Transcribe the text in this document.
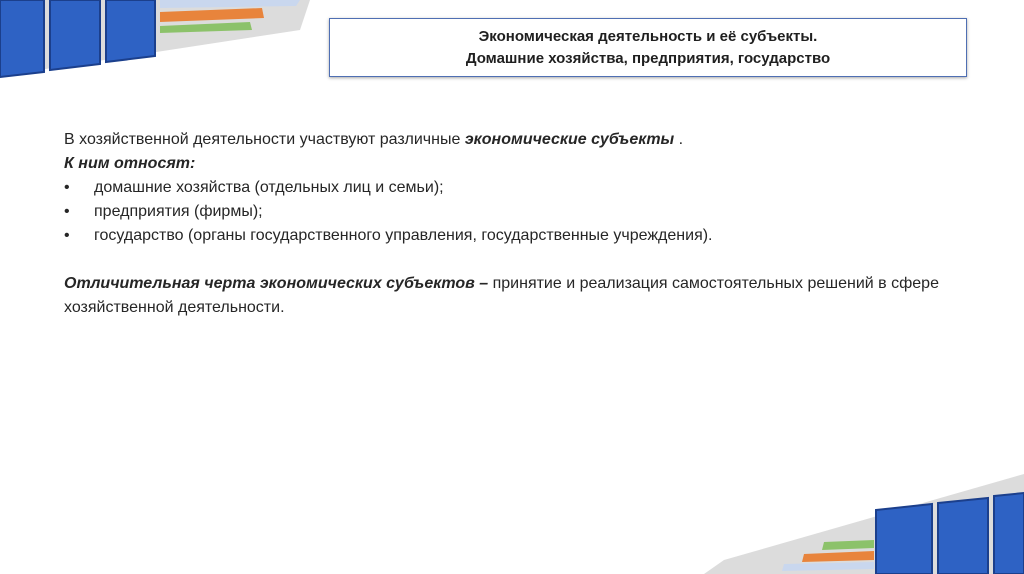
Экономическая деятельность и её субъекты.
Домашние хозяйства, предприятия, государство

В хозяйственной деятельности участвуют различные экономические субъекты .

К ним относят:

•	домашние хозяйства (отдельных лиц и семьи);
•	предприятия (фирмы);
•	государство (органы государственного управления, государственные учреждения).

Отличительная черта экономических субъектов – принятие и реализация самостоятельных решений в сфере хозяйственной деятельности.
